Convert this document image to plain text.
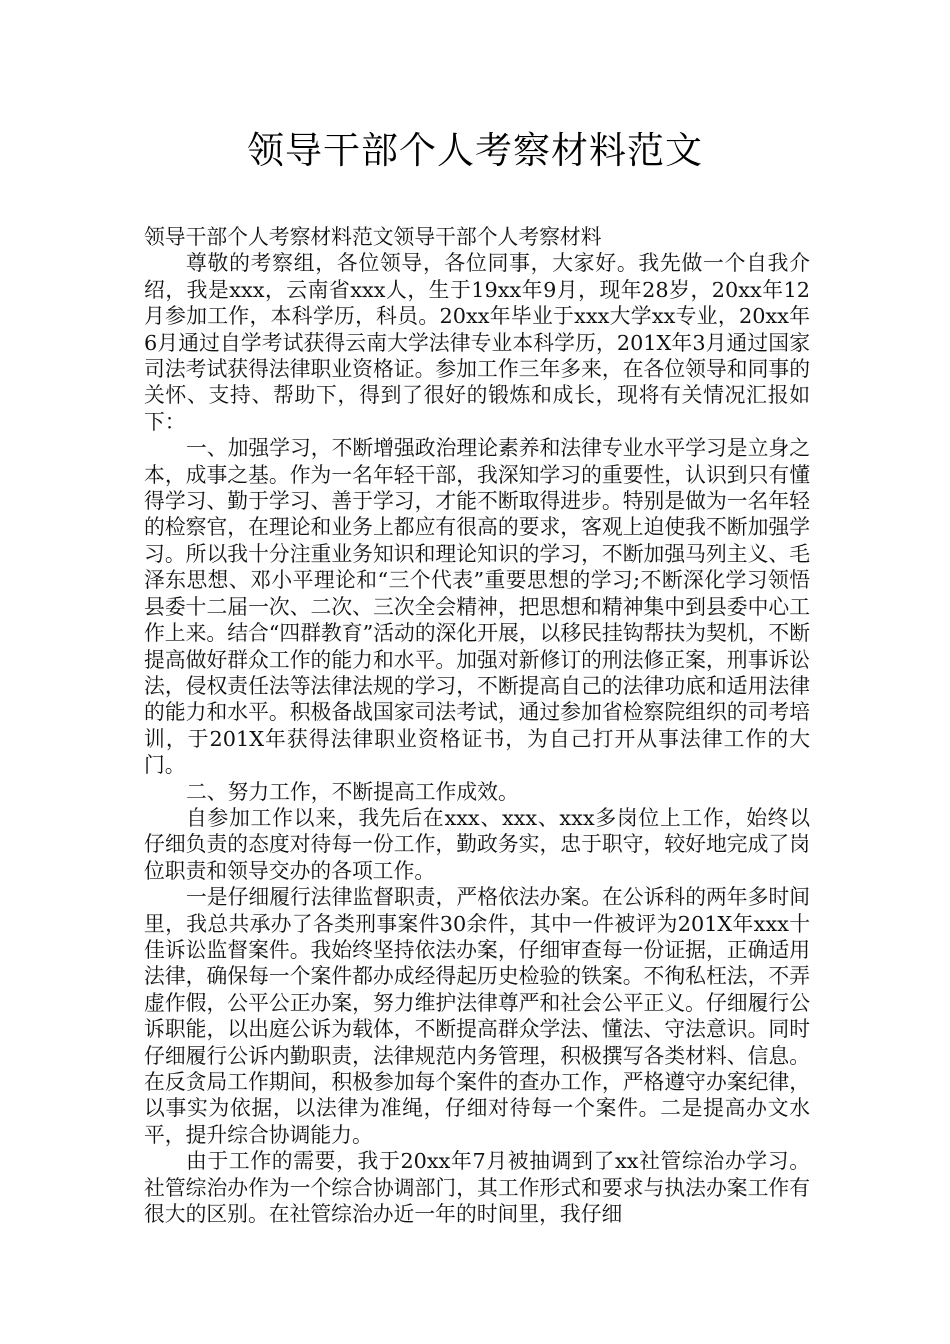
领导干部个人考察材料范文

领导干部个人考察材料范文领导干部个人考察材料

尊敬的考察组，各位领导，各位同事，大家好。我先做一个自我介绍，我是xxx，云南省xxx人，生于19xx年9月，现年28岁，20xx年12月参加工作，本科学历，科员。20xx年毕业于xxx大学xx专业，20xx年6月通过自学考试获得云南大学法律专业本科学历，201X年3月通过国家司法考试获得法律职业资格证。参加工作三年多来，在各位领导和同事的关怀、支持、帮助下，得到了很好的锻炼和成长，现将有关情况汇报如下：

一、加强学习，不断增强政治理论素养和法律专业水平学习是立身之本，成事之基。作为一名年轻干部，我深知学习的重要性，认识到只有懂得学习、勤于学习、善于学习，才能不断取得进步。特别是做为一名年轻的检察官，在理论和业务上都应有很高的要求，客观上迫使我不断加强学习。所以我十分注重业务知识和理论知识的学习，不断加强马列主义、毛泽东思想、邓小平理论和“三个代表”重要思想的学习;不断深化学习领悟县委十二届一次、二次、三次全会精神，把思想和精神集中到县委中心工作上来。结合“四群教育”活动的深化开展，以移民挂钩帮扶为契机，不断提高做好群众工作的能力和水平。加强对新修订的刑法修正案，刑事诉讼法，侵权责任法等法律法规的学习，不断提高自己的法律功底和适用法律的能力和水平。积极备战国家司法考试，通过参加省检察院组织的司考培训，于201X年获得法律职业资格证书，为自己打开从事法律工作的大门。

二、努力工作，不断提高工作成效。

自参加工作以来，我先后在xxx、xxx、xxx多岗位上工作，始终以仔细负责的态度对待每一份工作，勤政务实，忠于职守，较好地完成了岗位职责和领导交办的各项工作。

一是仔细履行法律监督职责，严格依法办案。在公诉科的两年多时间里，我总共承办了各类刑事案件30余件，其中一件被评为201X年xxx十佳诉讼监督案件。我始终坚持依法办案，仔细审查每一份证据，正确适用法律，确保每一个案件都办成经得起历史检验的铁案。不徇私枉法，不弄虚作假，公平公正办案，努力维护法律尊严和社会公平正义。仔细履行公诉职能，以出庭公诉为载体，不断提高群众学法、懂法、守法意识。同时仔细履行公诉内勤职责，法律规范内务管理，积极撰写各类材料、信息。在反贪局工作期间，积极参加每个案件的查办工作，严格遵守办案纪律，以事实为依据，以法律为准绳，仔细对待每一个案件。二是提高办文水平，提升综合协调能力。

由于工作的需要，我于20xx年7月被抽调到了xx社管综治办学习。社管综治办作为一个综合协调部门，其工作形式和要求与执法办案工作有很大的区别。在社管综治办近一年的时间里，我仔细
